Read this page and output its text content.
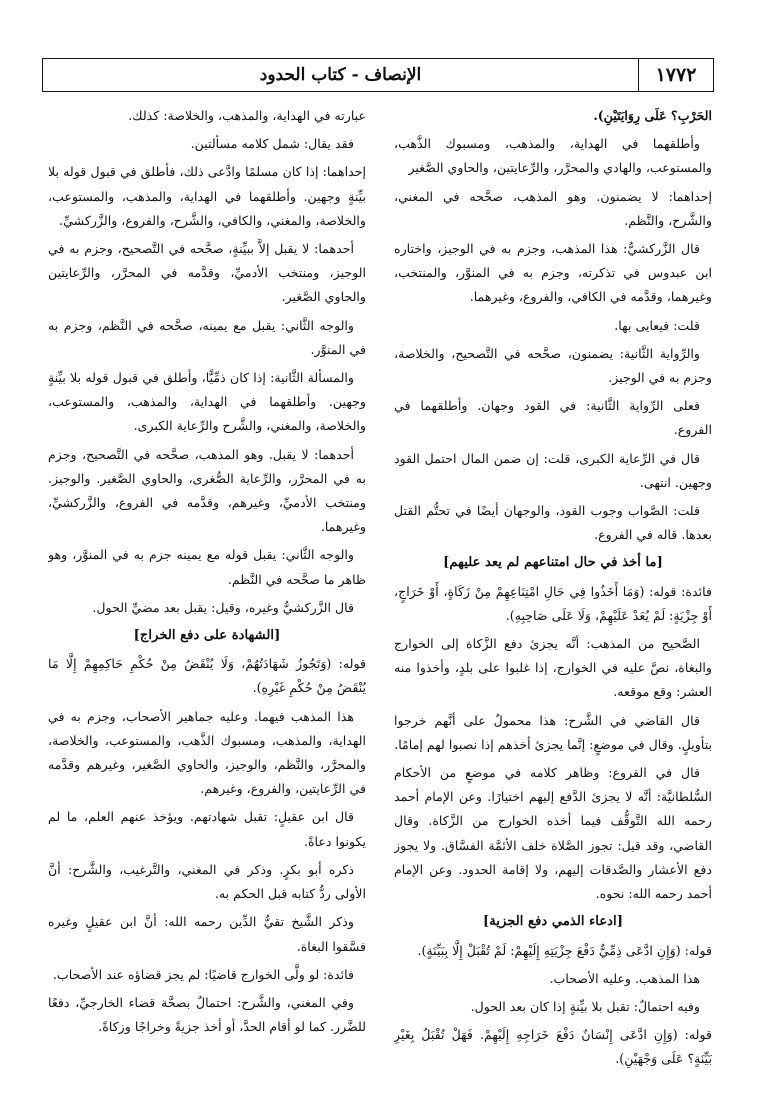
١٧٧٢
الإنصاف - كتاب الحدود

الحَرْبِ؟ عَلَى رِوَايَتَيْنِ).

وأطلقهما في الهداية، والمذهب، ومسبوك الذَّهب، والمستوعب، والهادي والمحرَّر، والرِّعايتين، والحاوي الصَّغير

إحداهما: لا يضمنون. وهو المذهب، صحَّحه في المغني، والشَّرح، والنَّظم.

قال الزَّركشيُّ: هذا المذهب، وجزم به في الوجيز، واختاره ابن عبدوس في تذكرته، وجزم به في المنوَّر، والمنتخب، وغيرهما، وقدَّمه في الكافي، والفروع، وغيرهما.

قلت: فيعايى بها.

والرِّواية الثَّانية: يضمنون، صحَّحه في التَّصحيح، والخلاصة، وجزم به في الوجيز.

فعلى الرِّواية الثَّانية: في القود وجهان. وأطلقهما في الفروع.

قال في الرِّعاية الكبرى، قلت: إن ضمن المال احتمل القود وجهين. انتهى.

قلت: الصَّواب وجوب القود، والوجهان أيضًا في تحتُّم القتل بعدها. قاله في الفروع.

[ما أخذ في حال امتناعهم لم يعد عليهم]

فائدة: قوله: (وَمَا أَخَذُوا فِي حَالِ امْتِنَاعِهِمْ مِنْ زَكَاةٍ، أَوْ خَرَاجٍ، أَوْ جِزْيَةٍ: لَمْ يُعَدْ عَلَيْهِمْ، وَلَا عَلَى صَاحِبِهِ).

الصَّحيح من المذهب: أنَّه يجزئ دفع الزَّكاة إلى الخوارج والبغاة، نصَّ عليه في الخوارج، إذا غلبوا على بلدٍ، وأخذوا منه العشر: وقع موقعه.

قال القاضي في الشَّرح: هذا محمولٌ على أنَّهم خرجوا بتأويلٍ. وقال في موضعٍ: إنَّما يجزئ أخذهم إذا نصبوا لهم إمامًا.

قال في الفروع: وظاهر كلامه في موضعٍ من الأحكام السُّلطانيَّة: أنَّه لا يجزئ الدَّفع إليهم اختيارًا. وعن الإمام أحمد رحمه الله التَّوقُّف فيما أخذه الخوارج من الزَّكاة. وقال القاضي، وقد قيل: تجوز الصَّلاة خلف الأئمَّة الفسَّاق. ولا يجوز دفع الأعشار والصَّدقات إليهم، ولا إقامة الحدود. وعن الإمام أحمد رحمه الله: نحوه.

[ادعاء الذمي دفع الجزية]

قوله: (وَإِنِ ادَّعَى ذِمِّيٌّ دَفْعَ جِزْيَتِهِ إِلَيْهِمْ: لَمْ تُقْبَلْ إِلَّا بِبَيِّنَةٍ).

هذا المذهب. وعليه الأصحاب.

وفيه احتمالٌ: تقبل بلا بيِّنةٍ إذا كان بعد الحول.

قوله: (وَإِنِ ادَّعَى إِنْسَانٌ دَفْعَ خَرَاجِهِ إِلَيْهِمْ. فَهَلْ تُقْبَلُ بِغَيْرِ بَيِّنَةٍ؟ عَلَى وَجْهَيْنِ).

عبارته في الهداية، والمذهب، والخلاصة: كذلك.

فقد يقال: شمل كلامه مسألتين.

إحداهما: إذا كان مسلمًا وادَّعى ذلك، فأطلق في قبول قوله بلا بيِّنةٍ وجهين. وأطلقهما في الهداية، والمذهب، والمستوعب، والخلاصة، والمغني، والكافي، والشَّرح، والفروع، والزَّركشيِّ.

أحدهما: لا يقبل إلاَّ ببيِّنةٍ، صحَّحه في التَّصحيح، وجزم به في الوجيز، ومنتخب الأدميِّ، وقدَّمه في المحرَّر، والرِّعايتين والحاوي الصَّغير.

والوجه الثَّاني: يقبل مع يمينه، صحَّحه في النَّظم، وجزم به في المنوَّر.

والمسألة الثَّانية: إذا كان ذمِّيًّا، وأطلق في قبول قوله بلا بيِّنةٍ وجهين. وأطلقهما في الهداية، والمذهب، والمستوعب، والخلاصة، والمغني، والشَّرح والرِّعاية الكبرى.

أحدهما: لا يقبل. وهو المذهب، صحَّحه في التَّصحيح، وجزم به في المحرَّر، والرِّعاية الصُّغرى، والحاوي الصَّغير. والوجيز. ومنتخب الأدميِّ، وغيرهم، وقدَّمه في الفروع، والزَّركشيِّ، وغيرهما.

والوجه الثَّاني: يقبل قوله مع يمينه جزم به في المنوَّر، وهو ظاهر ما صحَّحه في النَّظم.

قال الزَّركشيُّ وغيره، وقيل: يقبل بعد مضيِّ الحول.

[الشهادة على دفع الخراج]

قوله: (وَتَجُوزُ شَهَادَتُهُمْ، وَلَا يُنْقَضُ مِنْ حُكْمِ حَاكِمِهِمْ إِلَّا مَا يُنْقَضُ مِنْ حُكْمِ غَيْرِهِ).

هذا المذهب فيهما. وعليه جماهير الأصحاب، وجزم به في الهداية، والمذهب، ومسبوك الذَّهب، والمستوعب، والخلاصة، والمحرَّر، والنَّظم، والوجيز، والحاوي الصَّغير، وغيرهم وقدَّمه في الرِّعايتين، والفروع، وغيرهم.

قال ابن عقيلٍ: تقبل شهادتهم. ويؤخذ عنهم العلم، ما لم يكونوا دعاةً.

ذكره أبو بكرٍ. وذكر في المغني، والتَّرغيب، والشَّرح: أنَّ الأولى ردُّ كتابه قبل الحكم به.

وذكر الشَّيخ تقيُّ الدِّين رحمه الله: أنَّ ابن عقيلٍ وغيره فسَّقوا البغاة.

فائدة: لو ولَّى الخوارج قاضيًا: لم يجز قضاؤه عند الأصحاب.

وفي المغني، والشَّرح: احتمالٌ بصحَّة قضاء الخارجيِّ، دفعًا للضَّرر. كما لو أقام الحدَّ، أو أخذ جزيةً وخراجًا وزكاةً.
